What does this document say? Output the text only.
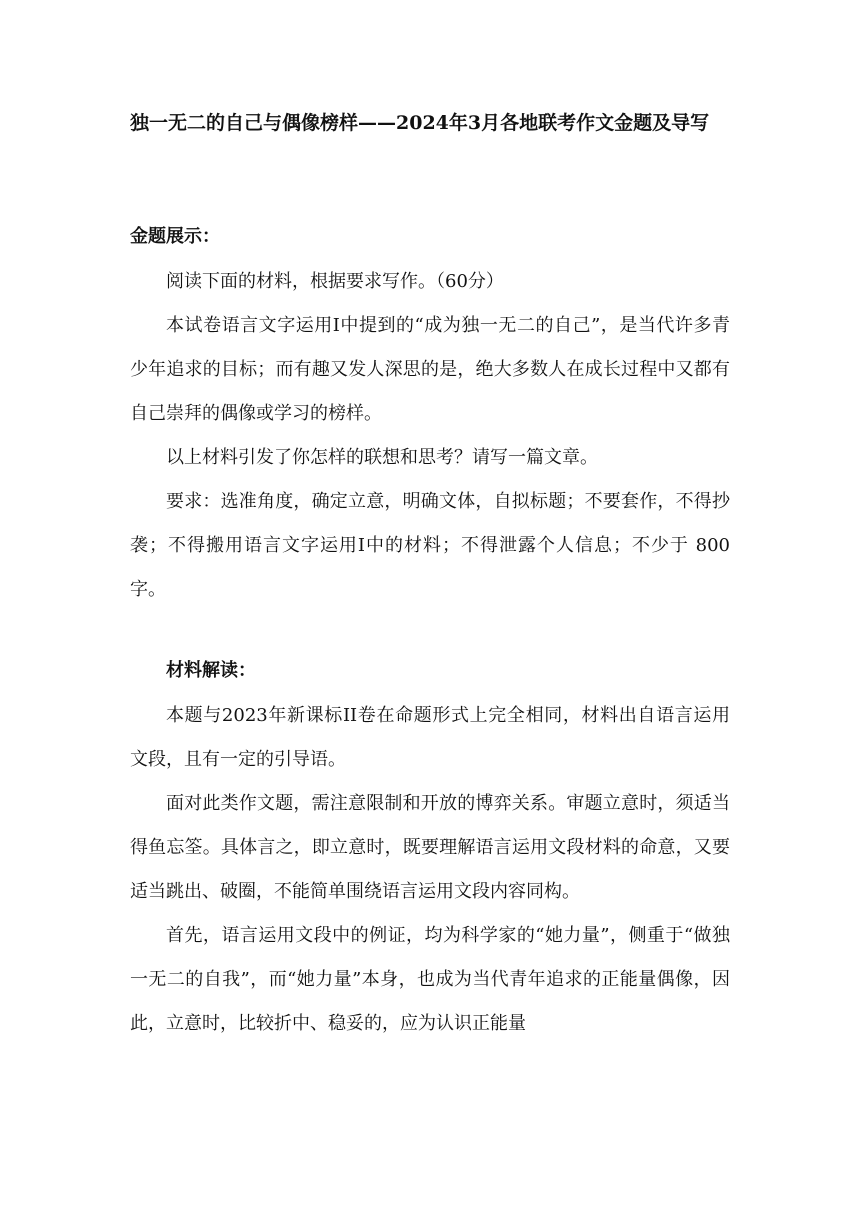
独一无二的自己与偶像榜样——2024年3月各地联考作文金题及导写

金题展示：

阅读下面的材料，根据要求写作。（60分）

本试卷语言文字运用Ⅰ中提到的“成为独一无二的自己”，是当代许多青少年追求的目标；而有趣又发人深思的是，绝大多数人在成长过程中又都有自己崇拜的偶像或学习的榜样。

以上材料引发了你怎样的联想和思考？请写一篇文章。

要求：选准角度，确定立意，明确文体，自拟标题；不要套作，不得抄袭；不得搬用语言文字运用Ⅰ中的材料；不得泄露个人信息；不少于 800字。

材料解读：

本题与2023年新课标II卷在命题形式上完全相同，材料出自语言运用文段，且有一定的引导语。

面对此类作文题，需注意限制和开放的博弈关系。审题立意时，须适当得鱼忘筌。具体言之，即立意时，既要理解语言运用文段材料的命意，又要适当跳出、破圈，不能简单围绕语言运用文段内容同构。

首先，语言运用文段中的例证，均为科学家的“她力量”，侧重于“做独一无二的自我”，而“她力量”本身，也成为当代青年追求的正能量偶像，因此，立意时，比较折中、稳妥的，应为认识正能量
